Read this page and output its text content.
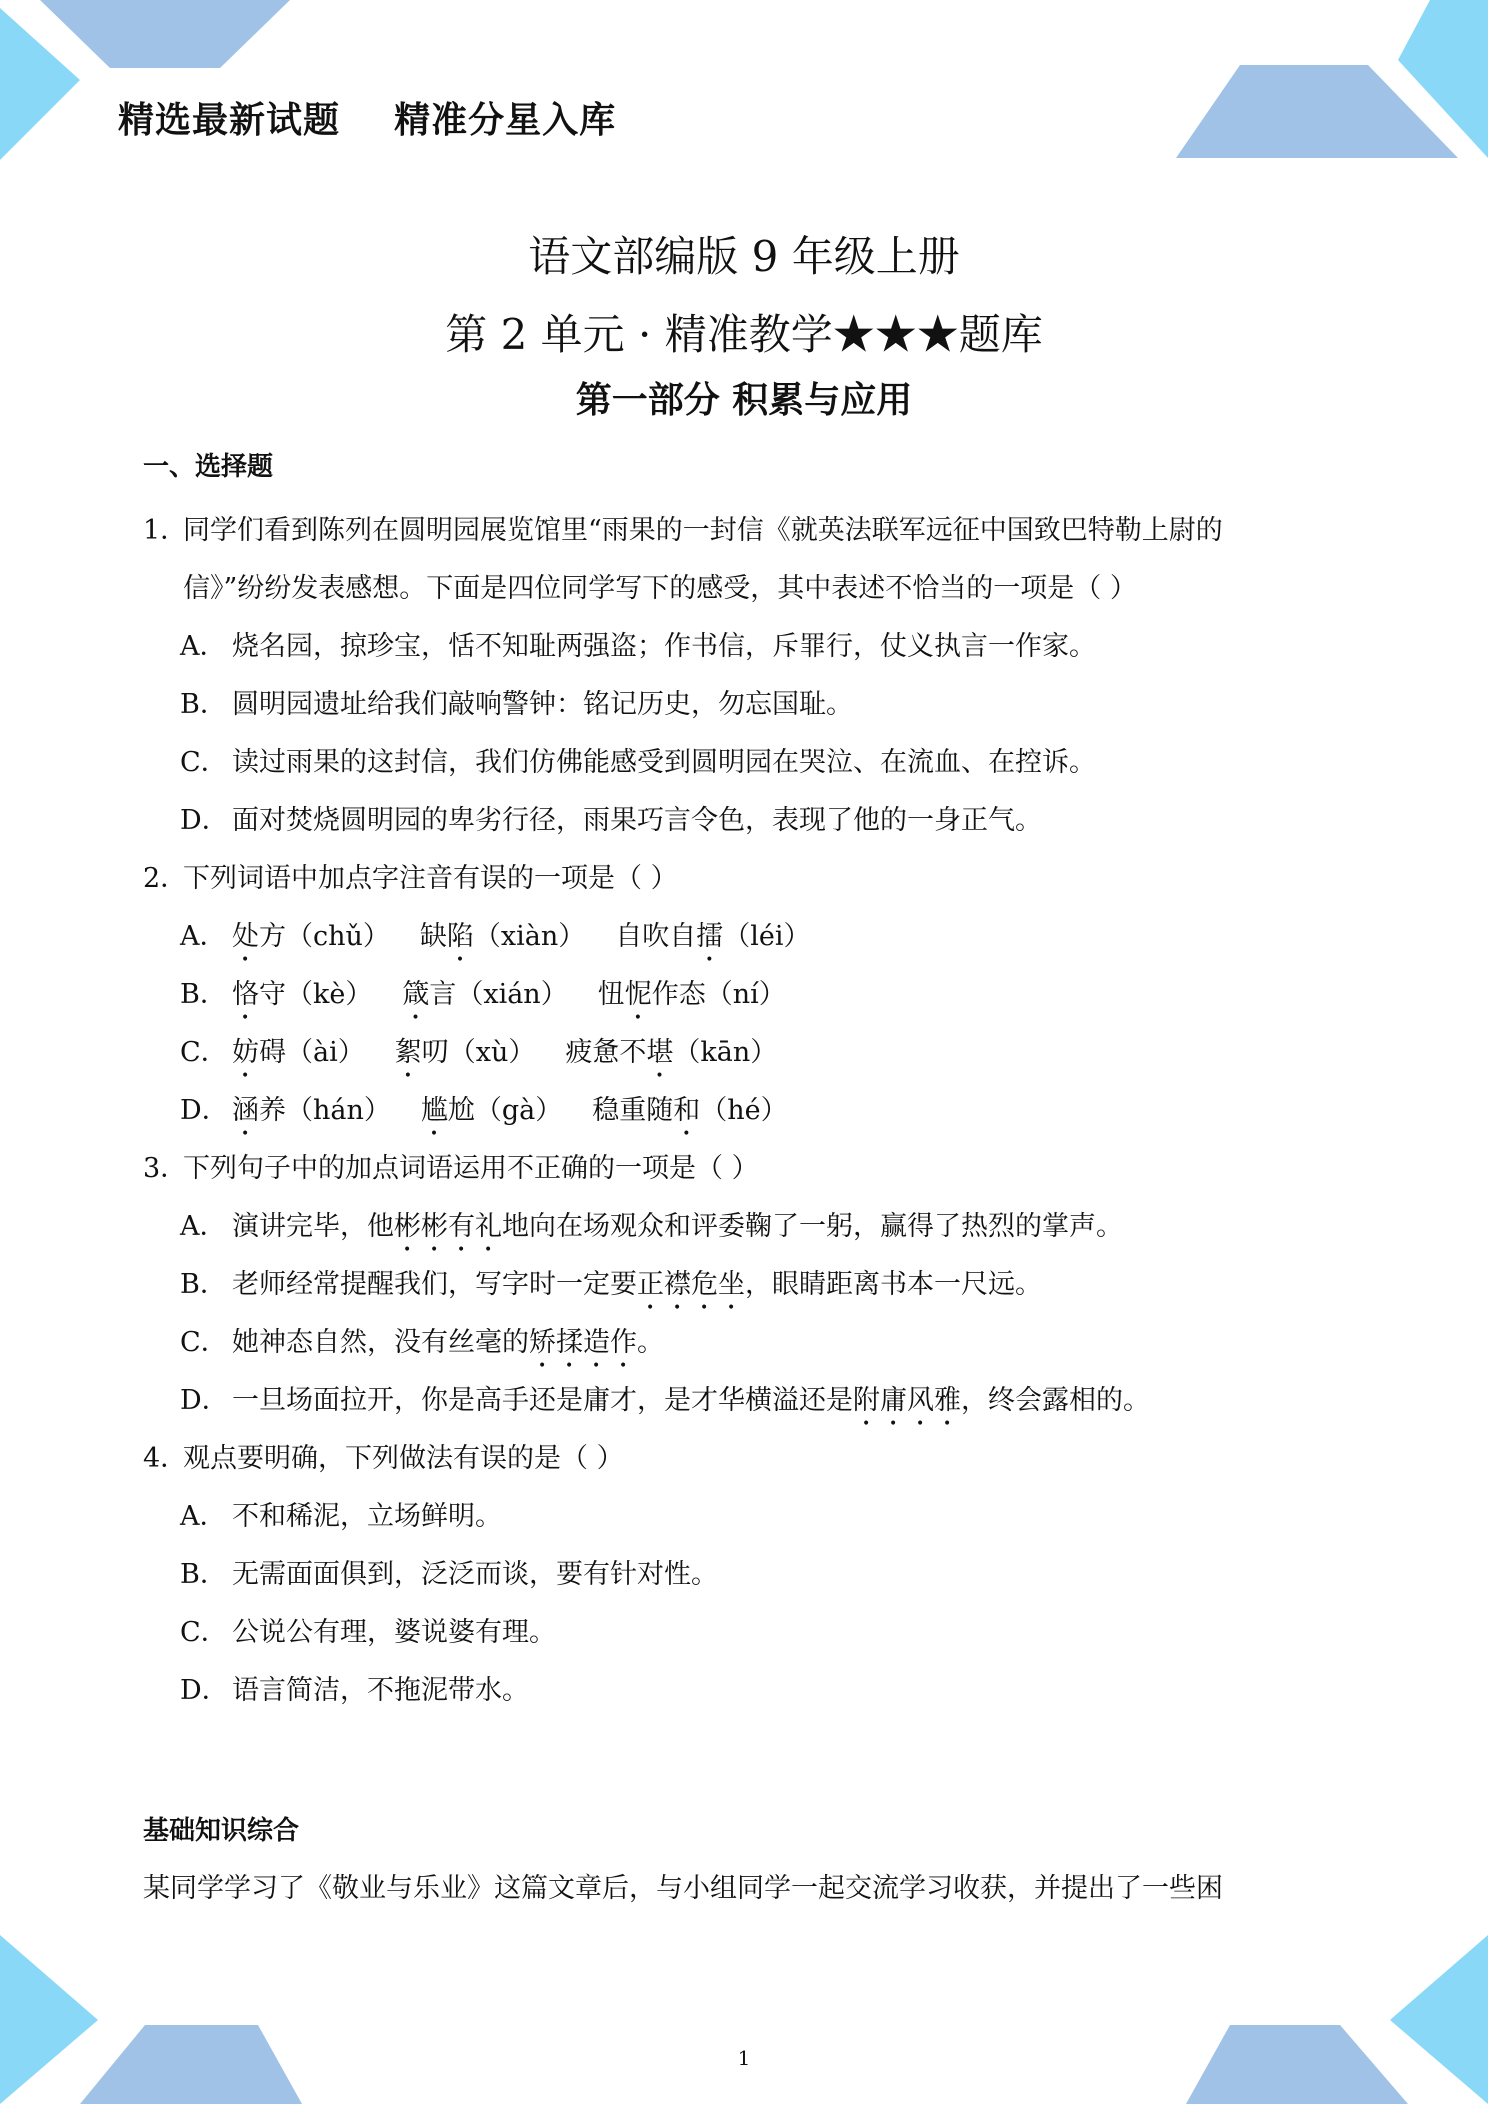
精选最新试题    精准分星入库
语文部编版 9 年级上册
第 2 单元 · 精准教学★★★题库
第一部分 积累与应用
一、选择题
1．同学们看到陈列在圆明园展览馆里“雨果的一封信《就英法联军远征中国致巴特勒上尉的
信》”纷纷发表感想。下面是四位同学写下的感受，其中表述不恰当的一项是（ ）
A． 烧名园，掠珍宝，恬不知耻两强盗；作书信，斥罪行，仗义执言一作家。
B． 圆明园遗址给我们敲响警钟：铭记历史，勿忘国耻。
C． 读过雨果的这封信，我们仿佛能感受到圆明园在哭泣、在流血、在控诉。
D． 面对焚烧圆明园的卑劣行径，雨果巧言令色，表现了他的一身正气。
2．下列词语中加点字注音有误的一项是（ ）
A． 处方（chǔ） 缺陷（xiàn） 自吹自擂（léi）
B． 恪守（kè） 箴言（xián） 忸怩作态（ní）
C． 妨碍（ài） 絮叨（xù） 疲惫不堪（kān）
D． 涵养（hán） 尴尬（gà） 稳重随和（hé）
3．下列句子中的加点词语运用不正确的一项是（ ）
A． 演讲完毕，他彬彬有礼地向在场观众和评委鞠了一躬，赢得了热烈的掌声。
B． 老师经常提醒我们，写字时一定要正襟危坐，眼睛距离书本一尺远。
C． 她神态自然，没有丝毫的矫揉造作。
D． 一旦场面拉开，你是高手还是庸才，是才华横溢还是附庸风雅，终会露相的。
4．观点要明确，下列做法有误的是（ ）
A． 不和稀泥，立场鲜明。
B． 无需面面俱到，泛泛而谈，要有针对性。
C． 公说公有理，婆说婆有理。
D． 语言简洁，不拖泥带水。
基础知识综合
某同学学习了《敬业与乐业》这篇文章后，与小组同学一起交流学习收获，并提出了一些困
1
